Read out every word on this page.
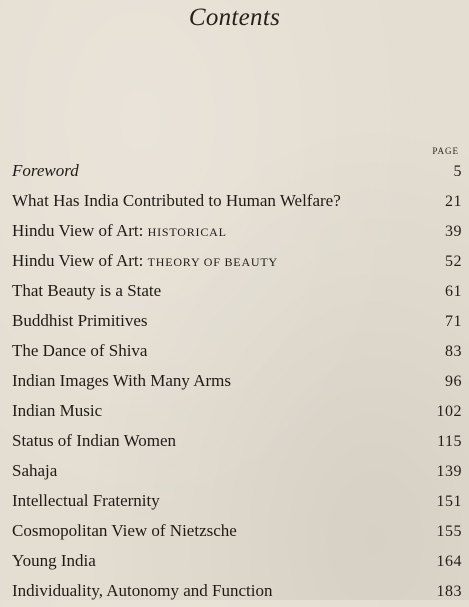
Contents
PAGE
Foreword	5
What Has India Contributed to Human Welfare?	21
Hindu View of Art: HISTORICAL	39
Hindu View of Art: THEORY OF BEAUTY	52
That Beauty is a State	61
Buddhist Primitives	71
The Dance of Shiva	83
Indian Images With Many Arms	96
Indian Music	102
Status of Indian Women	115
Sahaja	139
Intellectual Fraternity	151
Cosmopolitan View of Nietzsche	155
Young India	164
Individuality, Autonomy and Function	183
